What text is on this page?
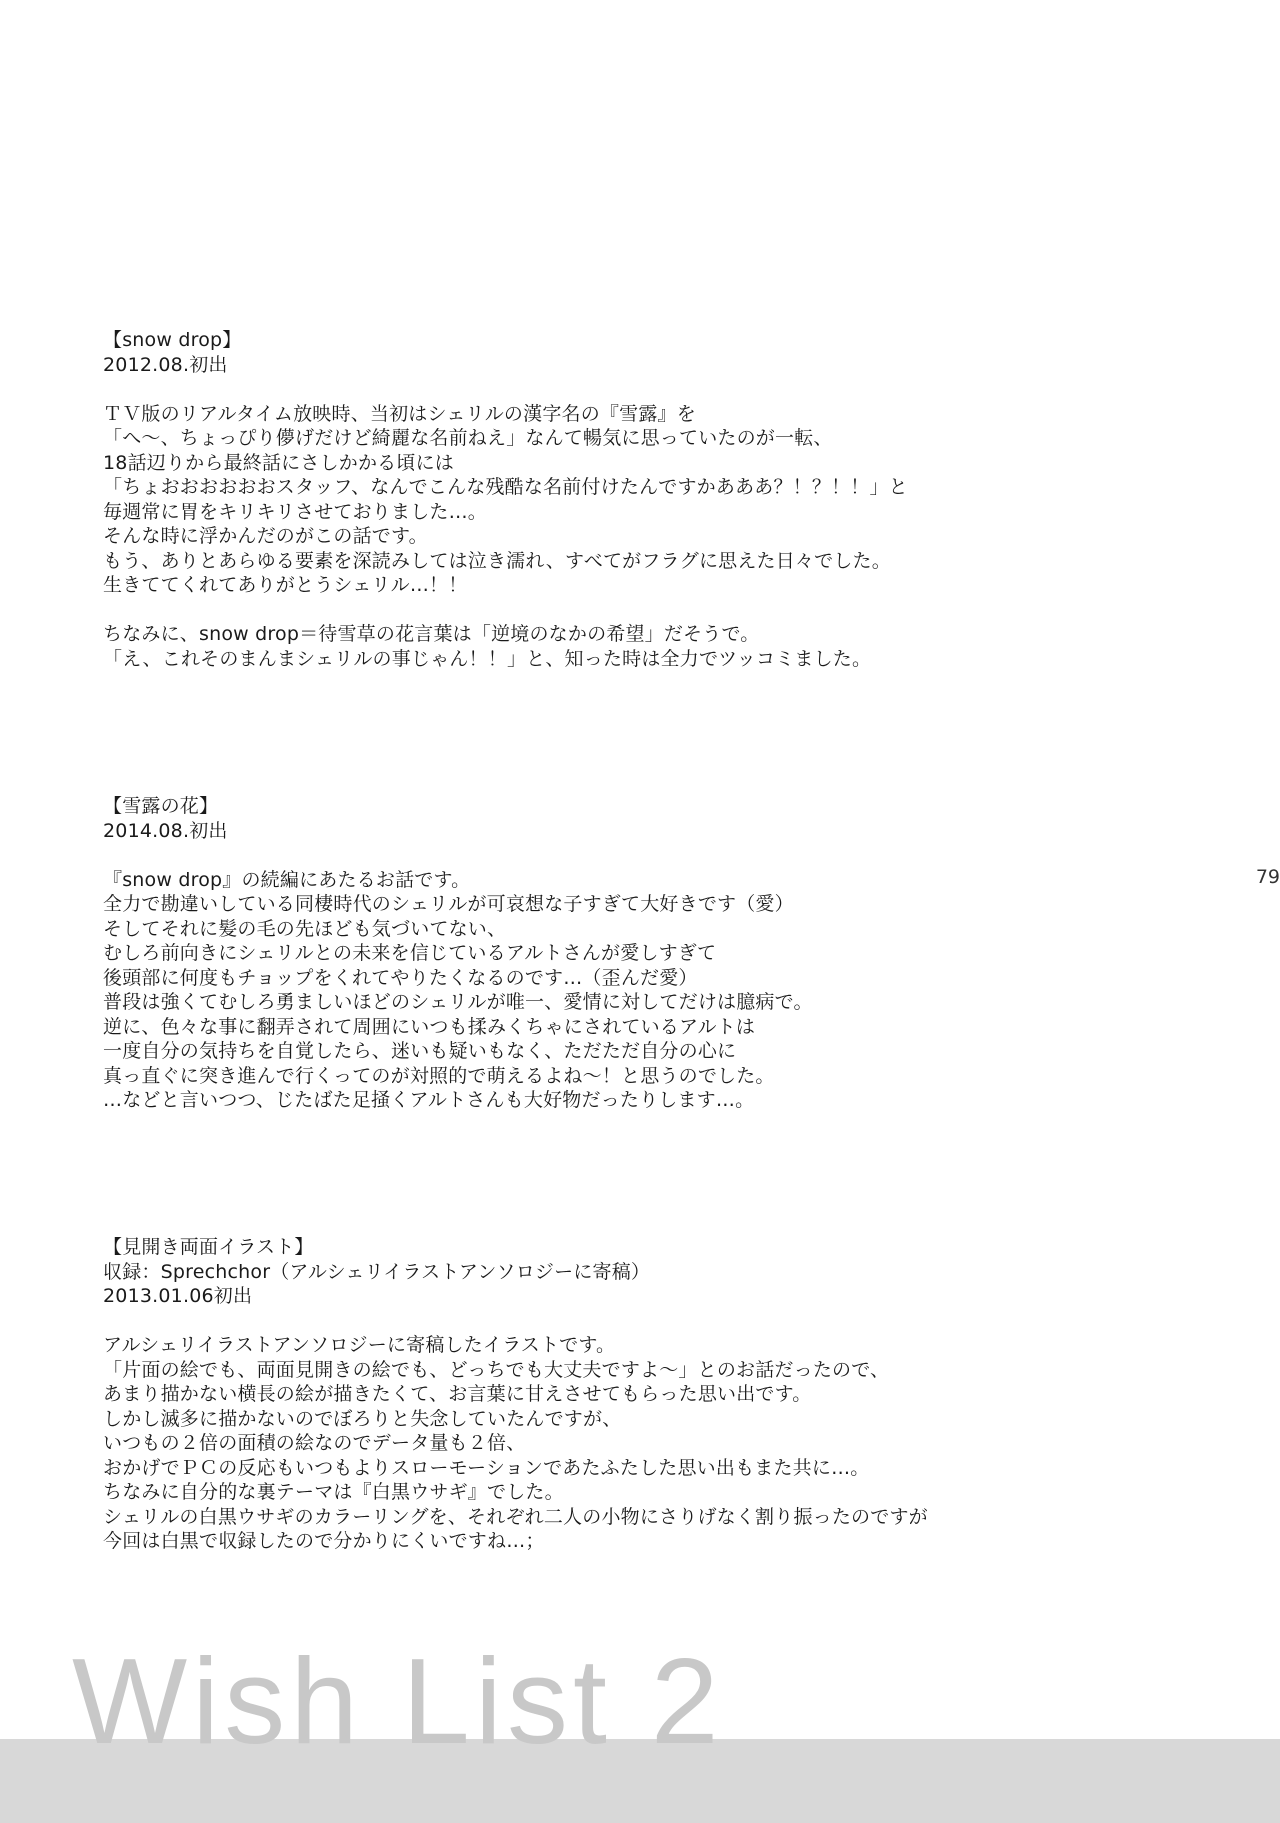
【snow drop】
2012.08.初出
ＴＶ版のリアルタイム放映時、当初はシェリルの漢字名の『雪露』を
「へ～、ちょっぴり儚げだけど綺麗な名前ねえ」なんて暢気に思っていたのが一転、
18話辺りから最終話にさしかかる頃には
「ちょおおおおおおスタッフ、なんでこんな残酷な名前付けたんですかあああ？！？！！」と
毎週常に胃をキリキリさせておりました…。
そんな時に浮かんだのがこの話です。
もう、ありとあらゆる要素を深読みしては泣き濡れ、すべてがフラグに思えた日々でした。
生きててくれてありがとうシェリル…！！
ちなみに、snow drop＝待雪草の花言葉は「逆境のなかの希望」だそうで。
「え、これそのまんまシェリルの事じゃん！！」と、知った時は全力でツッコミました。
【雪露の花】
2014.08.初出
『snow drop』の続編にあたるお話です。
全力で勘違いしている同棲時代のシェリルが可哀想な子すぎて大好きです（愛）
そしてそれに髪の毛の先ほども気づいてない、
むしろ前向きにシェリルとの未来を信じているアルトさんが愛しすぎて
後頭部に何度もチョップをくれてやりたくなるのです…（歪んだ愛）
普段は強くてむしろ勇ましいほどのシェリルが唯一、愛情に対してだけは臆病で。
逆に、色々な事に翻弄されて周囲にいつも揉みくちゃにされているアルトは
一度自分の気持ちを自覚したら、迷いも疑いもなく、ただただ自分の心に
真っ直ぐに突き進んで行くってのが対照的で萌えるよね～！と思うのでした。
…などと言いつつ、じたばた足掻くアルトさんも大好物だったりします…。
【見開き両面イラスト】
収録：Sprechchor（アルシェリイラストアンソロジーに寄稿）
2013.01.06初出
アルシェリイラストアンソロジーに寄稿したイラストです。
「片面の絵でも、両面見開きの絵でも、どっちでも大丈夫ですよ～」とのお話だったので、
あまり描かない横長の絵が描きたくて、お言葉に甘えさせてもらった思い出です。
しかし滅多に描かないのでぼろりと失念していたんですが、
いつもの２倍の面積の絵なのでデータ量も２倍、
おかげでＰＣの反応もいつもよりスローモーションであたふたした思い出もまた共に…。
ちなみに自分的な裏テーマは『白黒ウサギ』でした。
シェリルの白黒ウサギのカラーリングを、それぞれ二人の小物にさりげなく割り振ったのですが
今回は白黒で収録したので分かりにくいですね…；
79
Wish List 2
